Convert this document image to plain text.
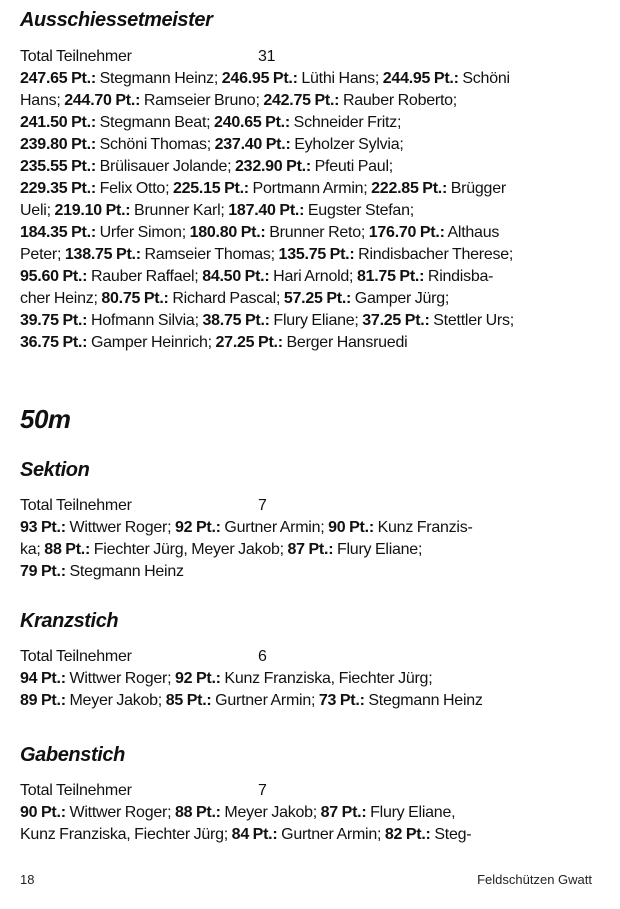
Ausschiessetmeister
Total Teilnehmer	31
247.65 Pt.: Stegmann Heinz; 246.95 Pt.: Lüthi Hans; 244.95 Pt.: Schöni
Hans; 244.70 Pt.: Ramseier Bruno; 242.75 Pt.: Rauber Roberto;
241.50 Pt.: Stegmann Beat; 240.65 Pt.: Schneider Fritz;
239.80 Pt.: Schöni Thomas; 237.40 Pt.: Eyholzer Sylvia;
235.55 Pt.: Brülisauer Jolande; 232.90 Pt.: Pfeuti Paul;
229.35 Pt.: Felix Otto; 225.15 Pt.: Portmann Armin; 222.85 Pt.: Brügger
Ueli; 219.10 Pt.: Brunner Karl; 187.40 Pt.: Eugster Stefan;
184.35 Pt.: Urfer Simon; 180.80 Pt.: Brunner Reto; 176.70 Pt.: Althaus
Peter; 138.75 Pt.: Ramseier Thomas; 135.75 Pt.: Rindisbacher Therese;
95.60 Pt.: Rauber Raffael; 84.50 Pt.: Hari Arnold; 81.75 Pt.: Rindisba-
cher Heinz; 80.75 Pt.: Richard Pascal; 57.25 Pt.: Gamper Jürg;
39.75 Pt.: Hofmann Silvia; 38.75 Pt.: Flury Eliane; 37.25 Pt.: Stettler Urs;
36.75 Pt.: Gamper Heinrich; 27.25 Pt.: Berger Hansruedi
50m
Sektion
Total Teilnehmer	7
93 Pt.: Wittwer Roger; 92 Pt.: Gurtner Armin; 90 Pt.: Kunz Franzis-
ka; 88 Pt.: Fiechter Jürg, Meyer Jakob; 87 Pt.: Flury Eliane;
79 Pt.: Stegmann Heinz
Kranzstich
Total Teilnehmer	6
94 Pt.: Wittwer Roger; 92 Pt.: Kunz Franziska, Fiechter Jürg;
89 Pt.: Meyer Jakob; 85 Pt.: Gurtner Armin; 73 Pt.: Stegmann Heinz
Gabenstich
Total Teilnehmer	7
90 Pt.: Wittwer Roger; 88 Pt.: Meyer Jakob; 87 Pt.: Flury Eliane,
Kunz Franziska, Fiechter Jürg; 84 Pt.: Gurtner Armin; 82 Pt.: Steg-
18	Feldschützen Gwatt
